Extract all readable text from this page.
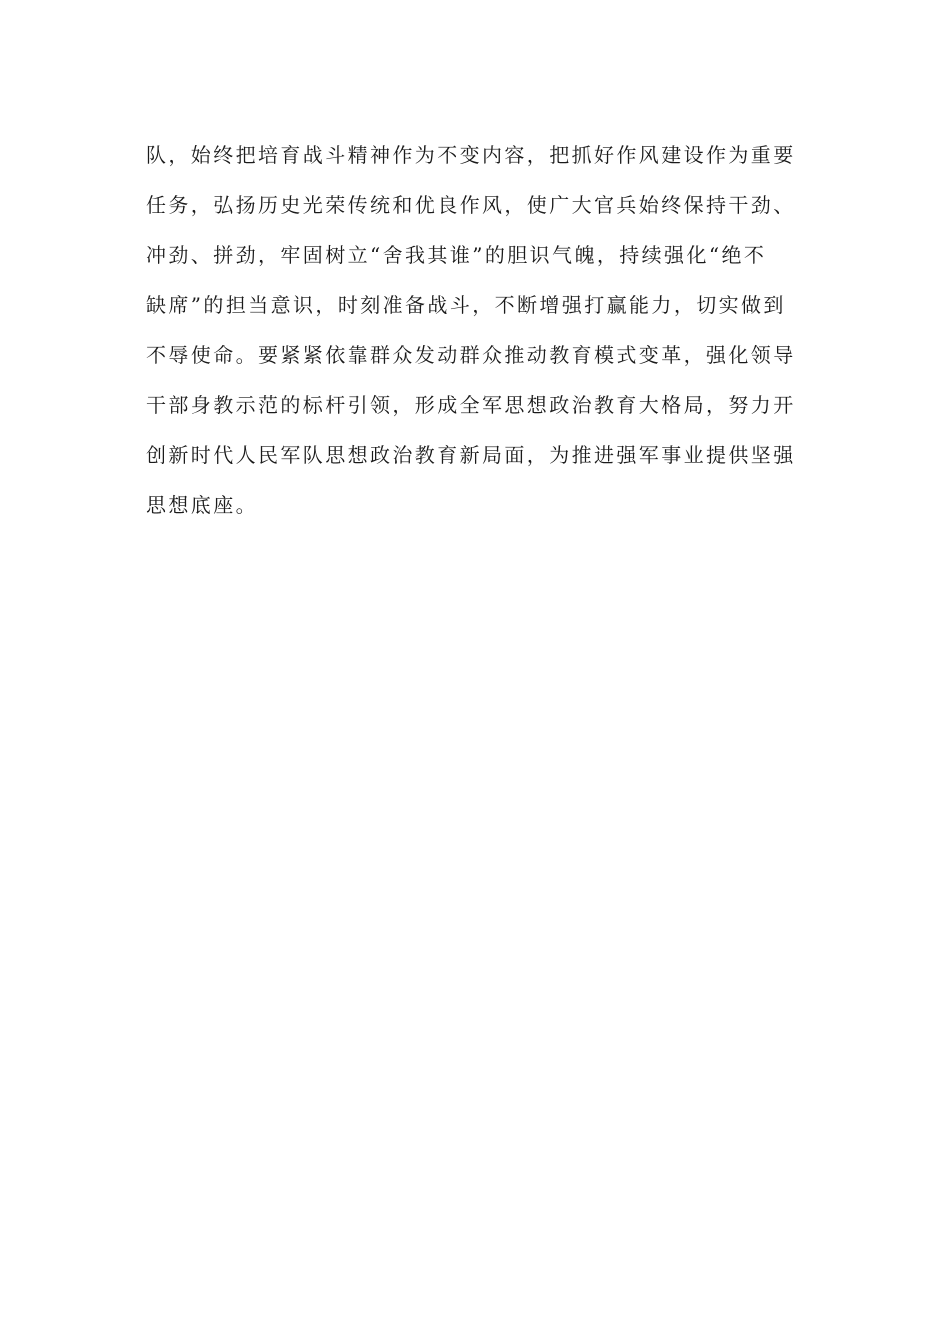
队，始终把培育战斗精神作为不变内容，把抓好作风建设作为重要
任务，弘扬历史光荣传统和优良作风，使广大官兵始终保持干劲、
冲劲、拼劲，牢固树立“舍我其谁”的胆识气魄，持续强化“绝不
缺席”的担当意识，时刻准备战斗，不断增强打赢能力，切实做到
不辱使命。要紧紧依靠群众发动群众推动教育模式变革，强化领导
干部身教示范的标杆引领，形成全军思想政治教育大格局，努力开
创新时代人民军队思想政治教育新局面，为推进强军事业提供坚强
思想底座。
